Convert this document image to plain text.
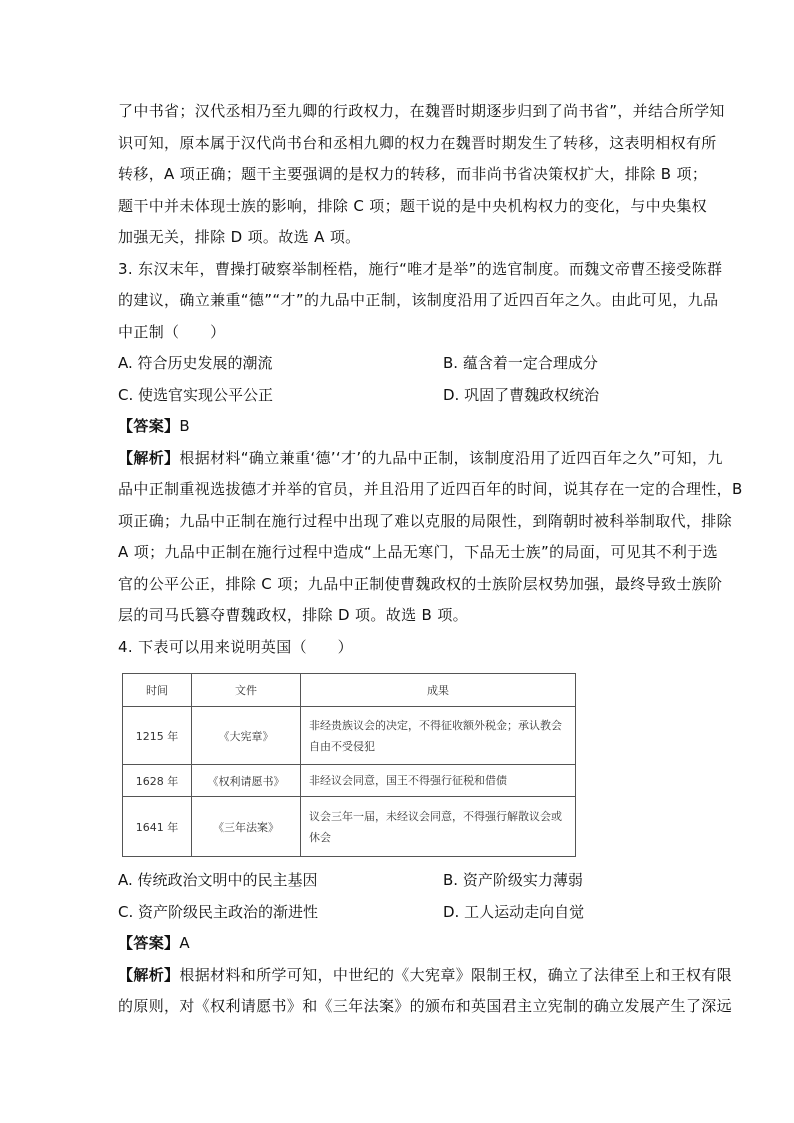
了中书省；汉代丞相乃至九卿的行政权力，在魏晋时期逐步归到了尚书省”，并结合所学知
识可知，原本属于汉代尚书台和丞相九卿的权力在魏晋时期发生了转移，这表明相权有所
转移，A 项正确；题干主要强调的是权力的转移，而非尚书省决策权扩大，排除 B 项；
题干中并未体现士族的影响，排除 C 项；题干说的是中央机构权力的变化，与中央集权
加强无关，排除 D 项。故选 A 项。
3. 东汉末年，曹操打破察举制桎梏，施行“唯才是举”的选官制度。而魏文帝曹丕接受陈群
的建议，确立兼重“德”“才”的九品中正制，该制度沿用了近四百年之久。由此可见，九品
中正制（　　）
A. 符合历史发展的潮流	B. 蕴含着一定合理成分
C. 使选官实现公平公正	D. 巩固了曹魏政权统治
【答案】B
【解析】根据材料“确立兼重‘德’‘才’的九品中正制，该制度沿用了近四百年之久”可知，九
品中正制重视选拔德才并举的官员，并且沿用了近四百年的时间，说其存在一定的合理性，B
项正确；九品中正制在施行过程中出现了难以克服的局限性，到隋朝时被科举制取代，排除
A 项；九品中正制在施行过程中造成“上品无寒门，下品无士族”的局面，可见其不利于选
官的公平公正，排除 C 项；九品中正制使曹魏政权的士族阶层权势加强，最终导致士族阶
层的司马氏篡夺曹魏政权，排除 D 项。故选 B 项。
4. 下表可以用来说明英国（　　）
时间	文件	成果
1215 年	《大宪章》	非经贵族议会的决定，不得征收额外税金；承认教会自由不受侵犯
1628 年	《权利请愿书》	非经议会同意，国王不得强行征税和借债
1641 年	《三年法案》	议会三年一届，未经议会同意，不得强行解散议会或休会
A. 传统政治文明中的民主基因	B. 资产阶级实力薄弱
C. 资产阶级民主政治的渐进性	D. 工人运动走向自觉
【答案】A
【解析】根据材料和所学可知，中世纪的《大宪章》限制王权，确立了法律至上和王权有限
的原则，对《权利请愿书》和《三年法案》的颁布和英国君主立宪制的确立发展产生了深远
